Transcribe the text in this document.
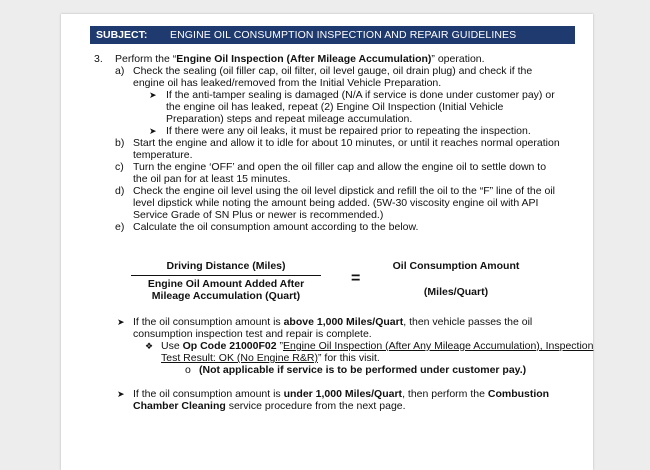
SUBJECT:	ENGINE OIL CONSUMPTION INSPECTION AND REPAIR GUIDELINES
3. Perform the “Engine Oil Inspection (After Mileage Accumulation)” operation.
a) Check the sealing (oil filler cap, oil filter, oil level gauge, oil drain plug) and check if the
engine oil has leaked/removed from the Initial Vehicle Preparation.
➤ If the anti-tamper sealing is damaged (N/A if service is done under customer pay) or
the engine oil has leaked, repeat (2) Engine Oil Inspection (Initial Vehicle
Preparation) steps and repeat mileage accumulation.
➤ If there were any oil leaks, it must be repaired prior to repeating the inspection.
b) Start the engine and allow it to idle for about 10 minutes, or until it reaches normal operation
temperature.
c) Turn the engine ‘OFF’ and open the oil filler cap and allow the engine oil to settle down to
the oil pan for at least 15 minutes.
d) Check the engine oil level using the oil level dipstick and refill the oil to the “F” line of the oil
level dipstick while noting the amount being added. (5W-30 viscosity engine oil with API
Service Grade of SN Plus or newer is recommended.)
e) Calculate the oil consumption amount according to the below.
Driving Distance (Miles)
Engine Oil Amount Added After
Mileage Accumulation (Quart)
=
Oil Consumption Amount
(Miles/Quart)
➤ If the oil consumption amount is above 1,000 Miles/Quart, then vehicle passes the oil
consumption inspection test and repair is complete.
❖ Use Op Code 21000F02 ”Engine Oil Inspection (After Any Mileage Accumulation), Inspection
Test Result: OK (No Engine R&R)” for this visit.
o (Not applicable if service is to be performed under customer pay.)
➤ If the oil consumption amount is under 1,000 Miles/Quart, then perform the Combustion
Chamber Cleaning service procedure from the next page.
